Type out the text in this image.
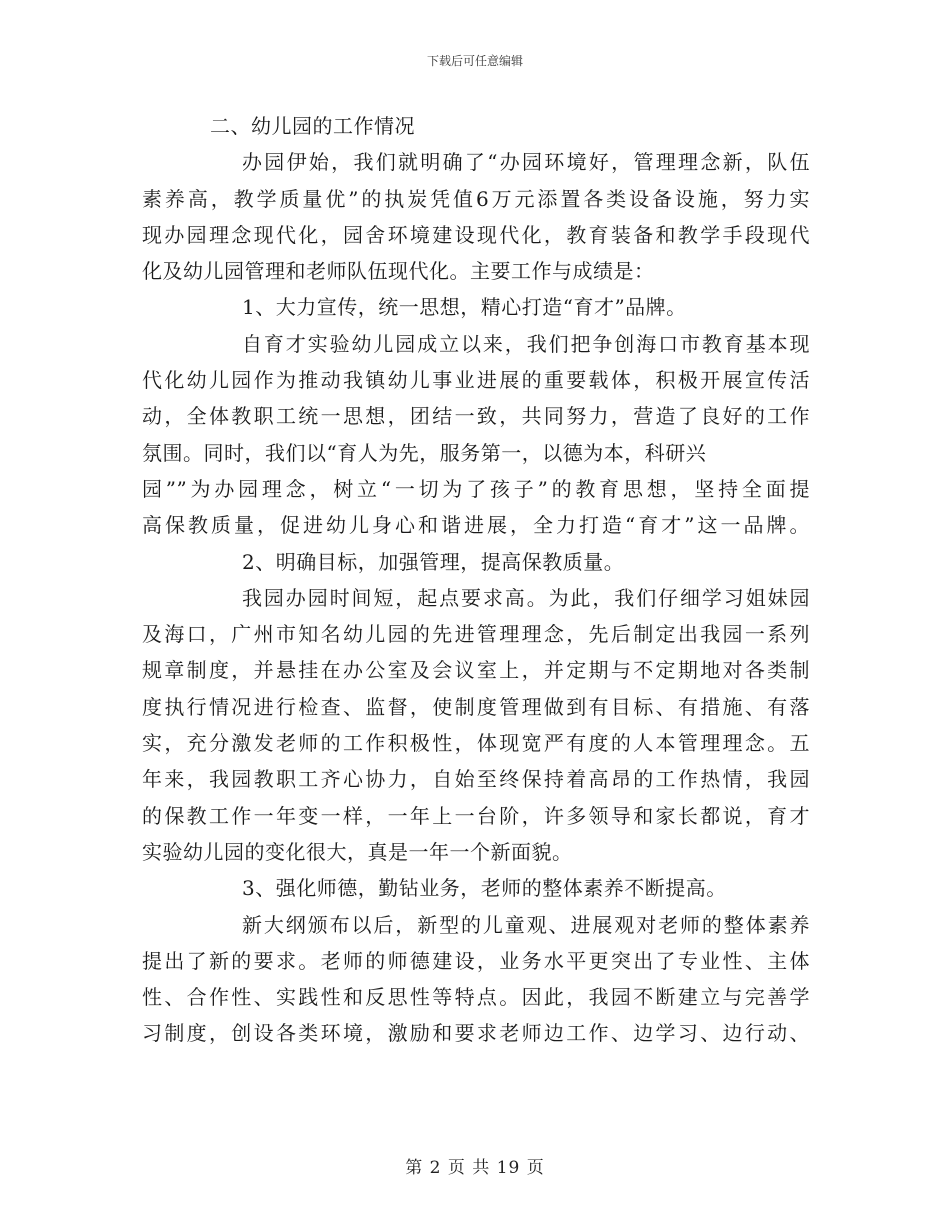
下载后可任意编辑
二、幼儿园的工作情况
办园伊始，我们就明确了“办园环境好，管理理念新，队伍
素养高，教学质量优”的执炭凭值6万元添置各类设备设施，努力实
现办园理念现代化，园舍环境建设现代化，教育装备和教学手段现代
化及幼儿园管理和老师队伍现代化。主要工作与成绩是：
1、大力宣传，统一思想，精心打造“育才”品牌。
自育才实验幼儿园成立以来，我们把争创海口市教育基本现
代化幼儿园作为推动我镇幼儿事业进展的重要载体，积极开展宣传活
动，全体教职工统一思想，团结一致，共同努力，营造了良好的工作
氛围。同时，我们以“育人为先，服务第一，以德为本，科研兴
园””为办园理念，树立“一切为了孩子”的教育思想，坚持全面提
高保教质量，促进幼儿身心和谐进展，全力打造“育才”这一品牌。
2、明确目标，加强管理，提高保教质量。
我园办园时间短，起点要求高。为此，我们仔细学习姐妹园
及海口，广州市知名幼儿园的先进管理理念，先后制定出我园一系列
规章制度，并悬挂在办公室及会议室上，并定期与不定期地对各类制
度执行情况进行检查、监督，使制度管理做到有目标、有措施、有落
实，充分激发老师的工作积极性，体现宽严有度的人本管理理念。五
年来，我园教职工齐心协力，自始至终保持着高昂的工作热情，我园
的保教工作一年变一样，一年上一台阶，许多领导和家长都说，育才
实验幼儿园的变化很大，真是一年一个新面貌。
3、强化师德，勤钻业务，老师的整体素养不断提高。
新大纲颁布以后，新型的儿童观、进展观对老师的整体素养
提出了新的要求。老师的师德建设，业务水平更突出了专业性、主体
性、合作性、实践性和反思性等特点。因此，我园不断建立与完善学
习制度，创设各类环境，激励和要求老师边工作、边学习、边行动、
第 2 页 共 19 页
